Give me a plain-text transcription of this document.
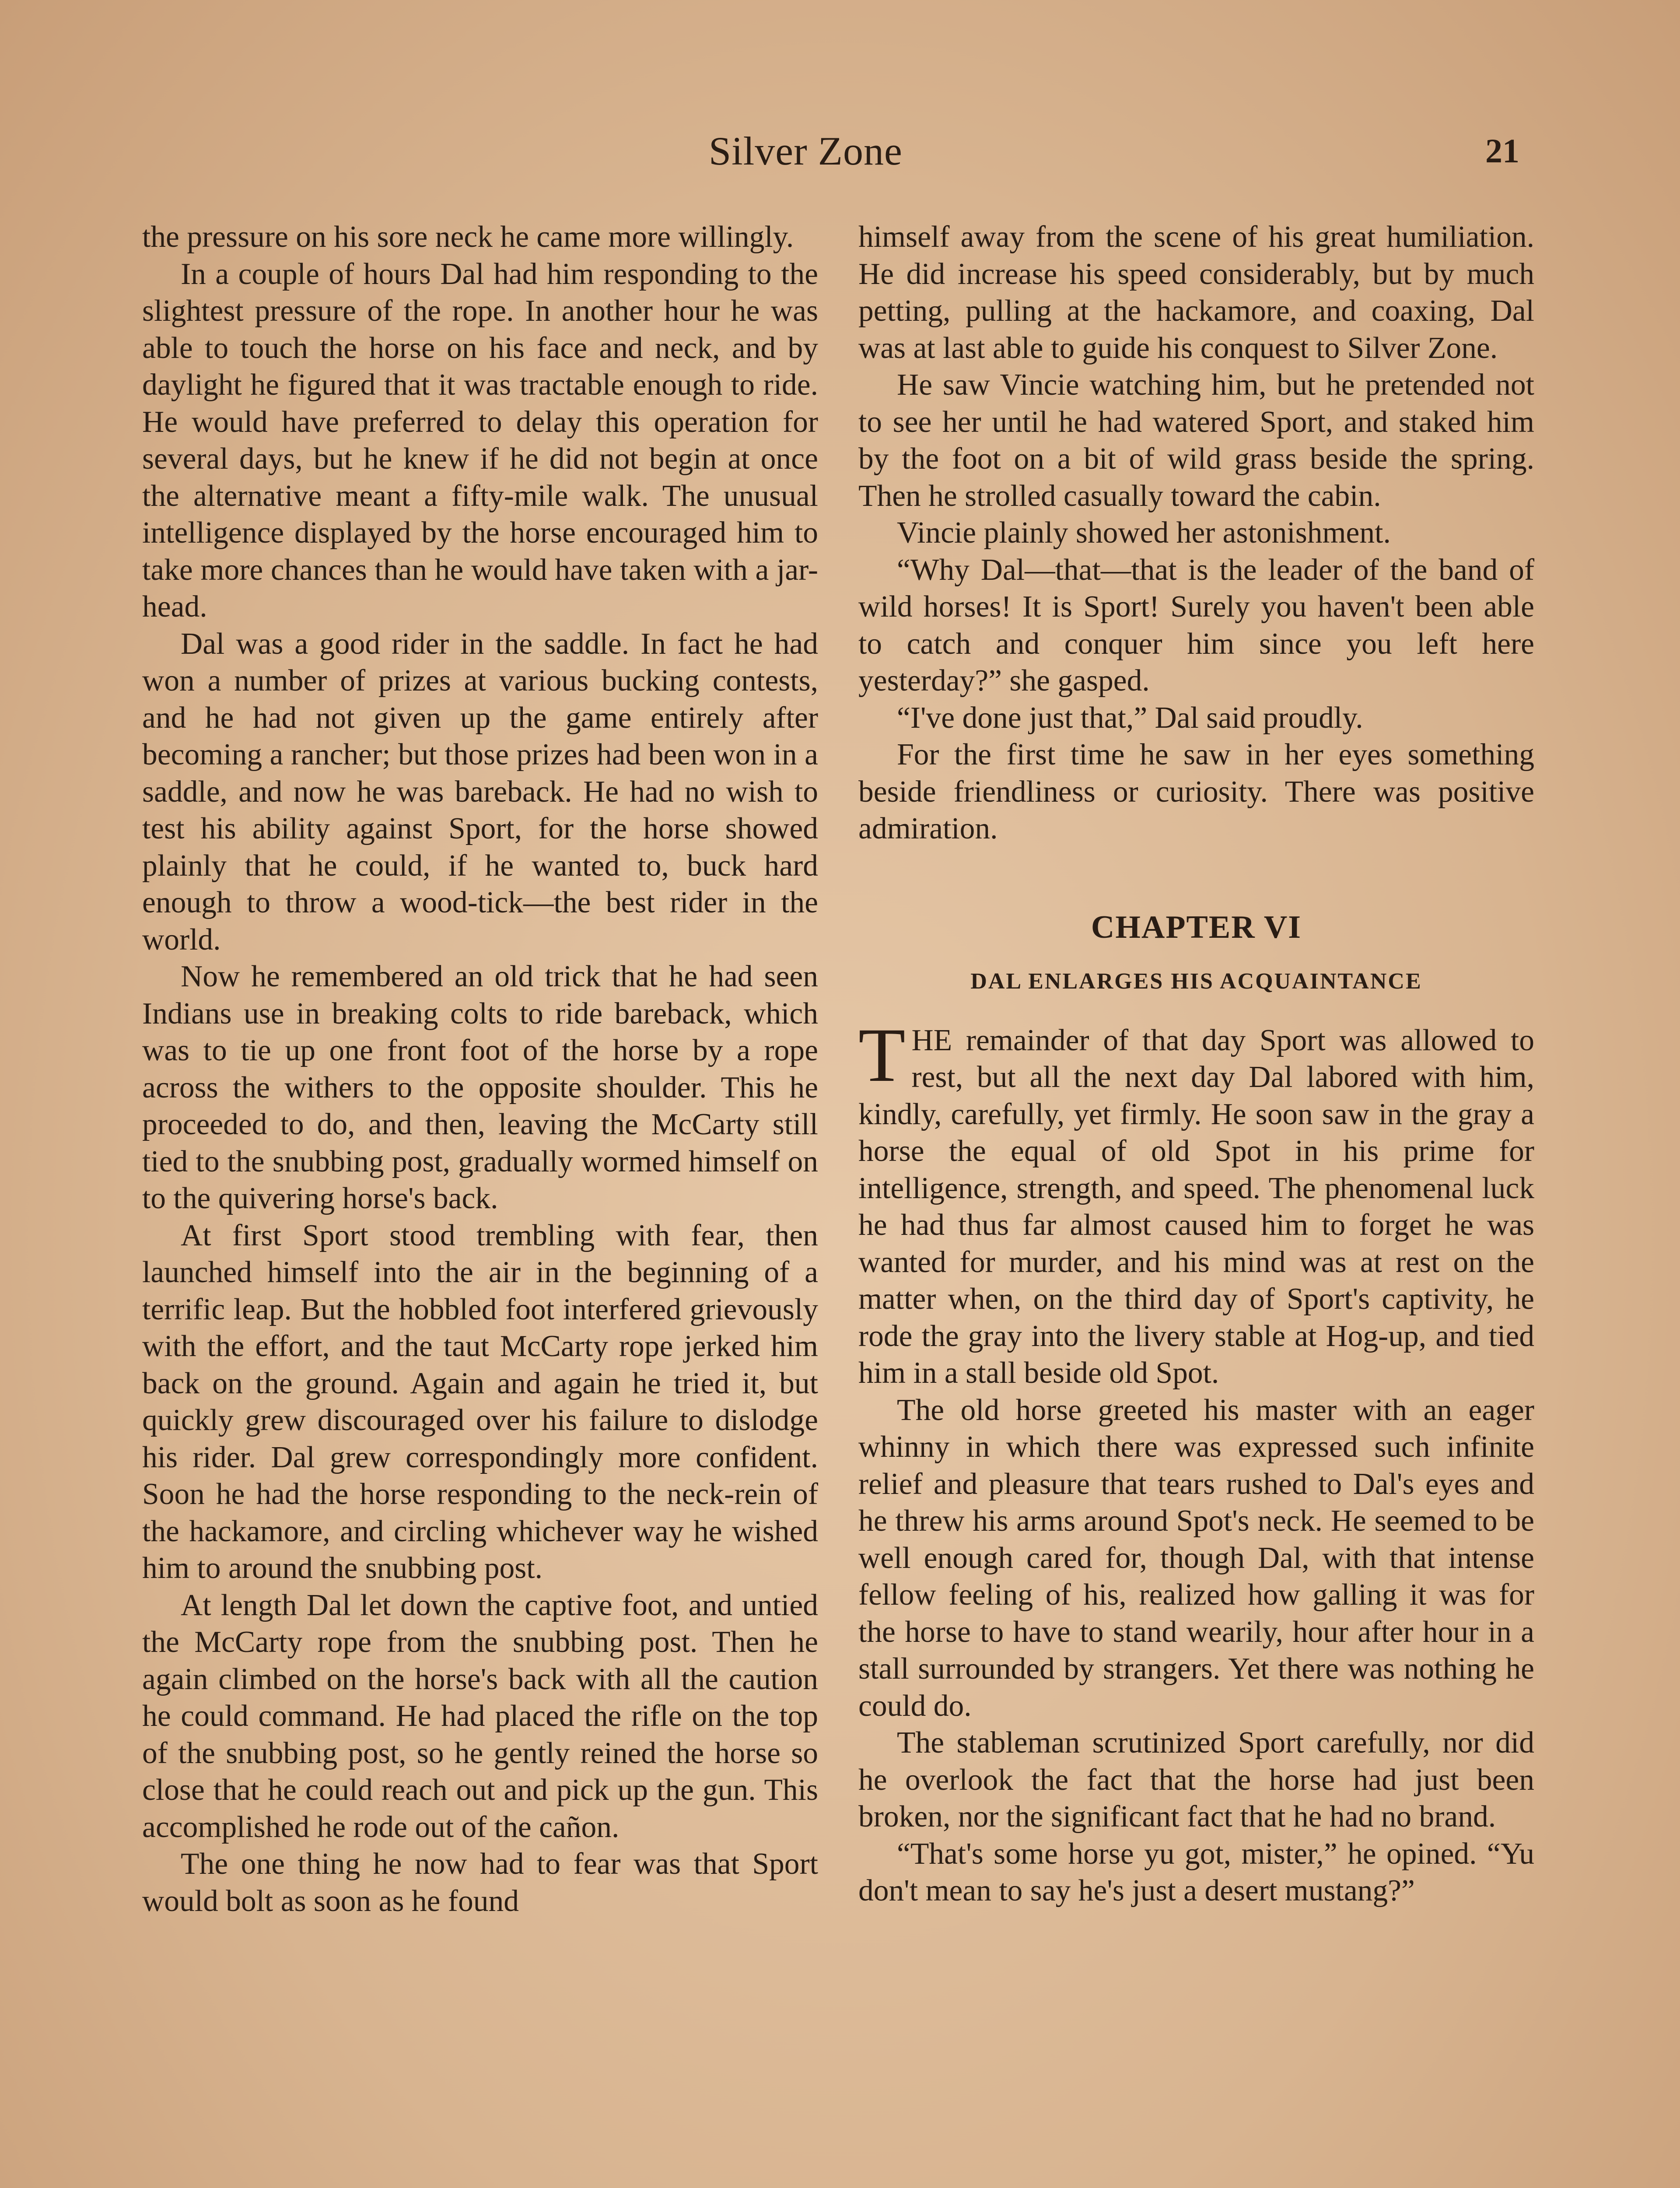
Silver Zone	21

the pressure on his sore neck he came more willingly.

In a couple of hours Dal had him responding to the slightest pressure of the rope. In another hour he was able to touch the horse on his face and neck, and by daylight he figured that it was tractable enough to ride. He would have preferred to delay this operation for several days, but he knew if he did not begin at once the alternative meant a fifty-mile walk. The unusual intelligence displayed by the horse encouraged him to take more chances than he would have taken with a jar-head.

Dal was a good rider in the saddle. In fact he had won a number of prizes at various bucking contests, and he had not given up the game entirely after becoming a rancher; but those prizes had been won in a saddle, and now he was bareback. He had no wish to test his ability against Sport, for the horse showed plainly that he could, if he wanted to, buck hard enough to throw a wood-tick—the best rider in the world.

Now he remembered an old trick that he had seen Indians use in breaking colts to ride bareback, which was to tie up one front foot of the horse by a rope across the withers to the opposite shoulder. This he proceeded to do, and then, leaving the McCarty still tied to the snubbing post, gradually wormed himself on to the quivering horse's back.

At first Sport stood trembling with fear, then launched himself into the air in the beginning of a terrific leap. But the hobbled foot interfered grievously with the effort, and the taut McCarty rope jerked him back on the ground. Again and again he tried it, but quickly grew discouraged over his failure to dislodge his rider. Dal grew correspondingly more confident. Soon he had the horse responding to the neck-rein of the hackamore, and circling whichever way he wished him to around the snubbing post.

At length Dal let down the captive foot, and untied the McCarty rope from the snubbing post. Then he again climbed on the horse's back with all the caution he could command. He had placed the rifle on the top of the snubbing post, so he gently reined the horse so close that he could reach out and pick up the gun. This accomplished he rode out of the cañon.

The one thing he now had to fear was that Sport would bolt as soon as he found

himself away from the scene of his great humiliation. He did increase his speed considerably, but by much petting, pulling at the hackamore, and coaxing, Dal was at last able to guide his conquest to Silver Zone.

He saw Vincie watching him, but he pretended not to see her until he had watered Sport, and staked him by the foot on a bit of wild grass beside the spring. Then he strolled casually toward the cabin.

Vincie plainly showed her astonishment.

“Why Dal—that—that is the leader of the band of wild horses! It is Sport! Surely you haven't been able to catch and conquer him since you left here yesterday?” she gasped.

“I've done just that,” Dal said proudly.

For the first time he saw in her eyes something beside friendliness or curiosity. There was positive admiration.

CHAPTER VI
DAL ENLARGES HIS ACQUAINTANCE

THE remainder of that day Sport was allowed to rest, but all the next day Dal labored with him, kindly, carefully, yet firmly. He soon saw in the gray a horse the equal of old Spot in his prime for intelligence, strength, and speed. The phenomenal luck he had thus far almost caused him to forget he was wanted for murder, and his mind was at rest on the matter when, on the third day of Sport's captivity, he rode the gray into the livery stable at Hog-up, and tied him in a stall beside old Spot.

The old horse greeted his master with an eager whinny in which there was expressed such infinite relief and pleasure that tears rushed to Dal's eyes and he threw his arms around Spot's neck. He seemed to be well enough cared for, though Dal, with that intense fellow feeling of his, realized how galling it was for the horse to have to stand wearily, hour after hour in a stall surrounded by strangers. Yet there was nothing he could do.

The stableman scrutinized Sport carefully, nor did he overlook the fact that the horse had just been broken, nor the significant fact that he had no brand.

“That's some horse yu got, mister,” he opined. “Yu don't mean to say he's just a desert mustang?”
